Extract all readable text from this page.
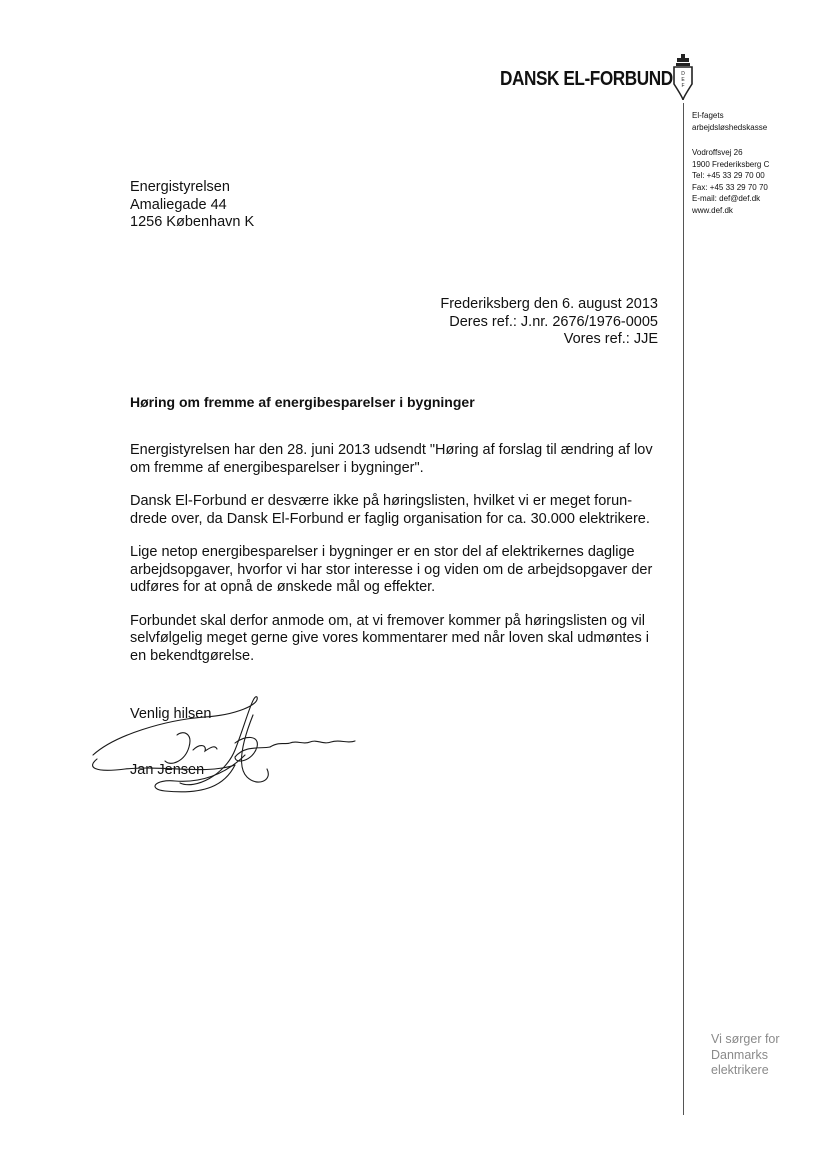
DANSK EL-FORBUND D
E
F
El-fagets
arbejdsløshedskasse
Vodroffsvej 26
1900 Frederiksberg C
Tel: +45 33 29 70 00
Fax: +45 33 29 70 70
E-mail: def@def.dk
www.def.dk
Energistyrelsen
Amaliegade 44
1256 København K
Frederiksberg den 6. august 2013
Deres ref.: J.nr. 2676/1976-0005
Vores ref.: JJE
Høring om fremme af energibesparelser i bygninger
Energistyrelsen har den 28. juni 2013 udsendt "Høring af forslag til ændring af lov
om fremme af energibesparelser i bygninger".
Dansk El-Forbund er desværre ikke på høringslisten, hvilket vi er meget forun-
drede over, da Dansk El-Forbund er faglig organisation for ca. 30.000 elektrikere.
Lige netop energibesparelser i bygninger er en stor del af elektrikernes daglige
arbejdsopgaver, hvorfor vi har stor interesse i og viden om de arbejdsopgaver der
udføres for at opnå de ønskede mål og effekter.
Forbundet skal derfor anmode om, at vi fremover kommer på høringslisten og vil
selvfølgelig meget gerne give vores kommentarer med når loven skal udmøntes i
en bekendtgørelse.
Venlig hilsen
Jan Jensen
Vi sørger for
Danmarks
elektrikere
